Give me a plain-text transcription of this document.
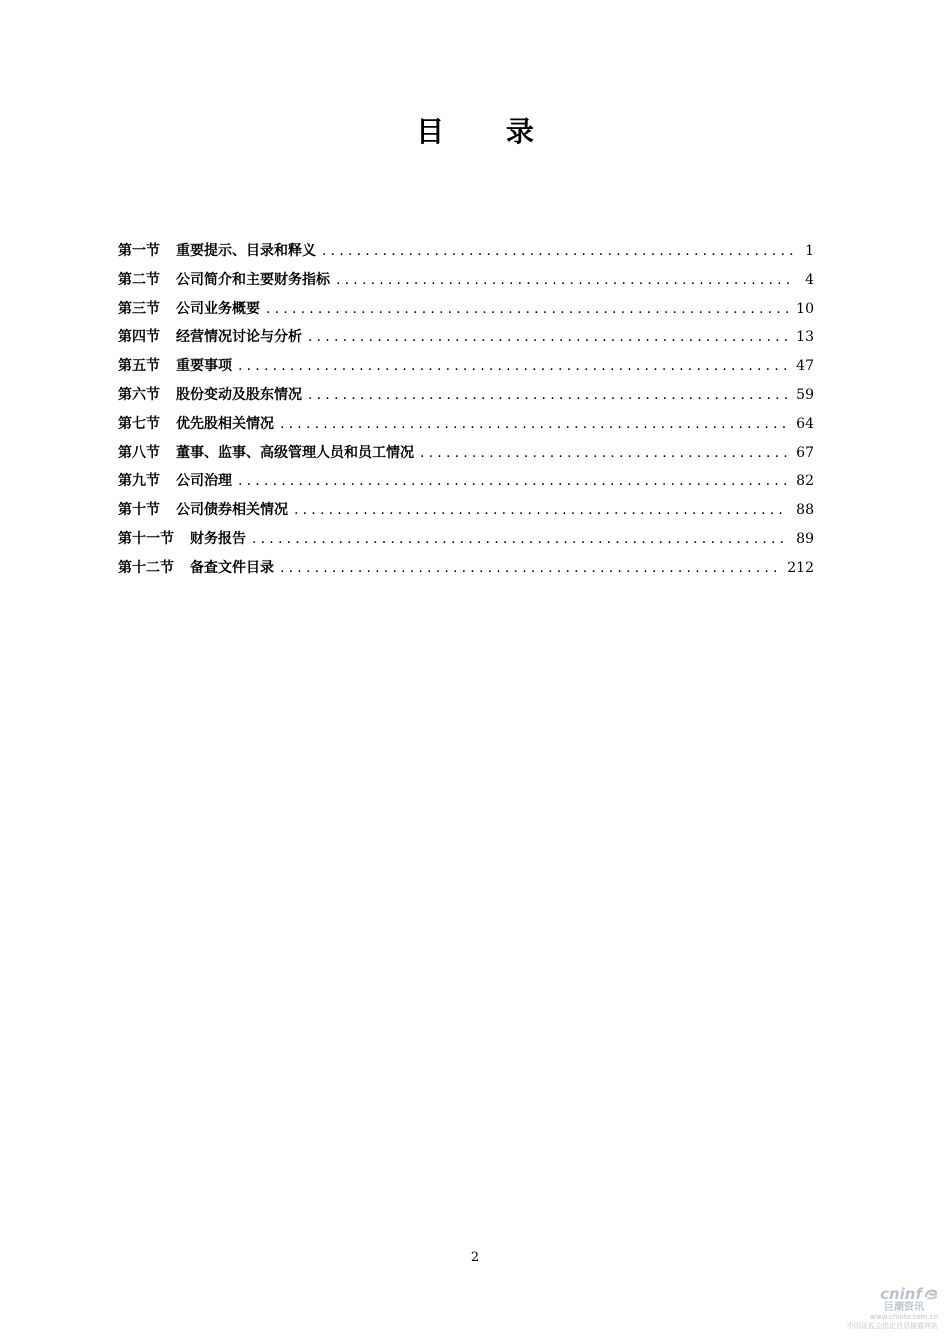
目 录
第一节 重要提示、目录和释义 .....	1
第二节 公司简介和主要财务指标 .....	4
第三节 公司业务概要 .....	10
第四节 经营情况讨论与分析 .....	13
第五节 重要事项 .....	47
第六节 股份变动及股东情况 .....	59
第七节 优先股相关情况 .....	64
第八节 董事、监事、高级管理人员和员工情况 .....	67
第九节 公司治理 .....	82
第十节 公司债券相关情况 .....	88
第十一节 财务报告 .....	89
第十二节 备查文件目录 .....	212
2
cninf
巨潮资讯
www.cninfo.com.cn
中国证监会指定信息披露网站
